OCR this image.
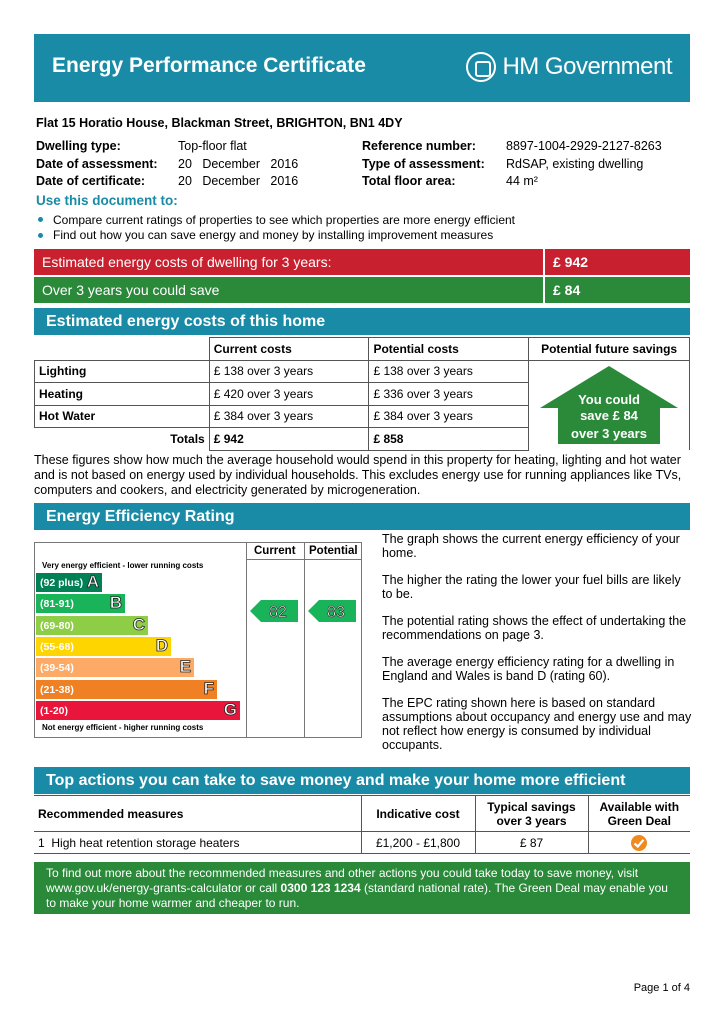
Energy Performance Certificate	HM Government
Flat 15 Horatio House, Blackman Street, BRIGHTON, BN1 4DY
Dwelling type:	Top-floor flat	Reference number: 8897-1004-2929-2127-8263
Date of assessment: 20   December   2016	Type of assessment: RdSAP, existing dwelling
Date of certificate:	20   December   2016	Total floor area:	44 m²
Use this document to:
Compare current ratings of properties to see which properties are more energy efficient
Find out how you can save energy and money by installing improvement measures
Estimated energy costs of dwelling for 3 years:	£ 942
Over 3 years you could save	£ 84
Estimated energy costs of this home
	Current costs	Potential costs	Potential future savings
Lighting	£ 138 over 3 years	£ 138 over 3 years	
Heating	£ 420 over 3 years	£ 336 over 3 years	
Hot Water	£ 384 over 3 years	£ 384 over 3 years	
Totals	£ 942	£ 858	
You could
save £ 84
over 3 years
These figures show how much the average household would spend in this property for heating, lighting and hot water and is not based on energy used by individual households. This excludes energy use for running appliances like TVs, computers and cookers, and electricity generated by microgeneration.
Energy Efficiency Rating
Current Potential
Very energy efficient - lower running costs
(92 plus) A
(81-91) B
(69-80)	C
(55-68)	D
(39-54)	E
(21-38)	F
(1-20)	G
Not energy efficient - higher running costs
82	83

The graph shows the current energy efficiency of your home.

The higher the rating the lower your fuel bills are likely to be.

The potential rating shows the effect of undertaking the recommendations on page 3.

The average energy efficiency rating for a dwelling in England and Wales is band D (rating 60).

The EPC rating shown here is based on standard assumptions about occupancy and energy use and may not reflect how energy is consumed by individual occupants.

Top actions you can take to save money and make your home more efficient
Recommended measures	Indicative cost	Typical savings over 3 years	Available with Green Deal
1 High heat retention storage heaters	£1,200 - £1,800	£ 87	
To find out more about the recommended measures and other actions you could take today to save money, visit www.gov.uk/energy-grants-calculator or call 0300 123 1234 (standard national rate). The Green Deal may enable you to make your home warmer and cheaper to run.
Page 1 of 4
